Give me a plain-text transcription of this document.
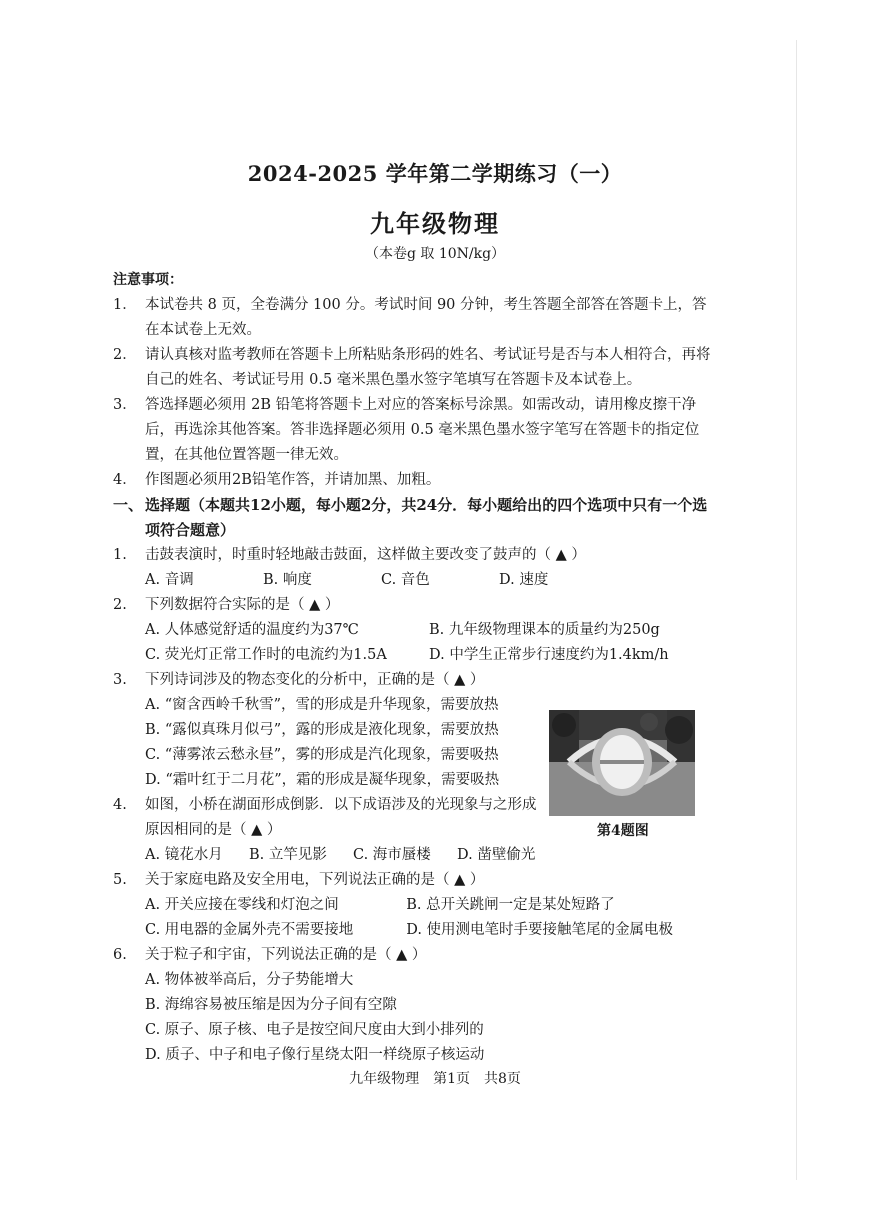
2024-2025 学年第二学期练习（一）
九年级物理
（本卷g 取 10N/kg）
注意事项：
1． 本试卷共 8 页，全卷满分 100 分。考试时间 90 分钟，考生答题全部答在答题卡上，答在本试卷上无效。
2． 请认真核对监考教师在答题卡上所粘贴条形码的姓名、考试证号是否与本人相符合，再将自己的姓名、考试证号用 0.5 毫米黑色墨水签字笔填写在答题卡及本试卷上。
3． 答选择题必须用 2B 铅笔将答题卡上对应的答案标号涂黑。如需改动，请用橡皮擦干净后，再选涂其他答案。答非选择题必须用 0.5 毫米黑色墨水签字笔写在答题卡的指定位置，在其他位置答题一律无效。
4． 作图题必须用2B铅笔作答，并请加黑、加粗。
一、 选择题（本题共12小题，每小题2分，共24分．每小题给出的四个选项中只有一个选项符合题意）
1. 击鼓表演时，时重时轻地敲击鼓面，这样做主要改变了鼓声的（ ▲ ）
A. 音调	B. 响度	C. 音色	D. 速度
2. 下列数据符合实际的是（ ▲ ）
A. 人体感觉舒适的温度约为37℃	B. 九年级物理课本的质量约为250g
C. 荧光灯正常工作时的电流约为1.5A	D. 中学生正常步行速度约为1.4km/h
3. 下列诗词涉及的物态变化的分析中，正确的是（ ▲ ）
A. “窗含西岭千秋雪”，雪的形成是升华现象，需要放热
B. “露似真珠月似弓”，露的形成是液化现象，需要放热
C. “薄雾浓云愁永昼”，雾的形成是汽化现象，需要吸热
D. “霜叶红于二月花”，霜的形成是凝华现象，需要吸热
4. 如图，小桥在湖面形成倒影．以下成语涉及的光现象与之形成原因相同的是（ ▲ ）
A. 镜花水月	B. 立竿见影	C. 海市蜃楼	D. 凿壁偷光
5. 关于家庭电路及安全用电，下列说法正确的是（ ▲ ）
A. 开关应接在零线和灯泡之间	B. 总开关跳闸一定是某处短路了
C. 用电器的金属外壳不需要接地	D. 使用测电笔时手要接触笔尾的金属电极
6. 关于粒子和宇宙，下列说法正确的是（ ▲ ）
A. 物体被举高后，分子势能增大
B. 海绵容易被压缩是因为分子间有空隙
C. 原子、原子核、电子是按空间尺度由大到小排列的
D. 质子、中子和电子像行星绕太阳一样绕原子核运动
第4题图
九年级物理　第1页　共8页
